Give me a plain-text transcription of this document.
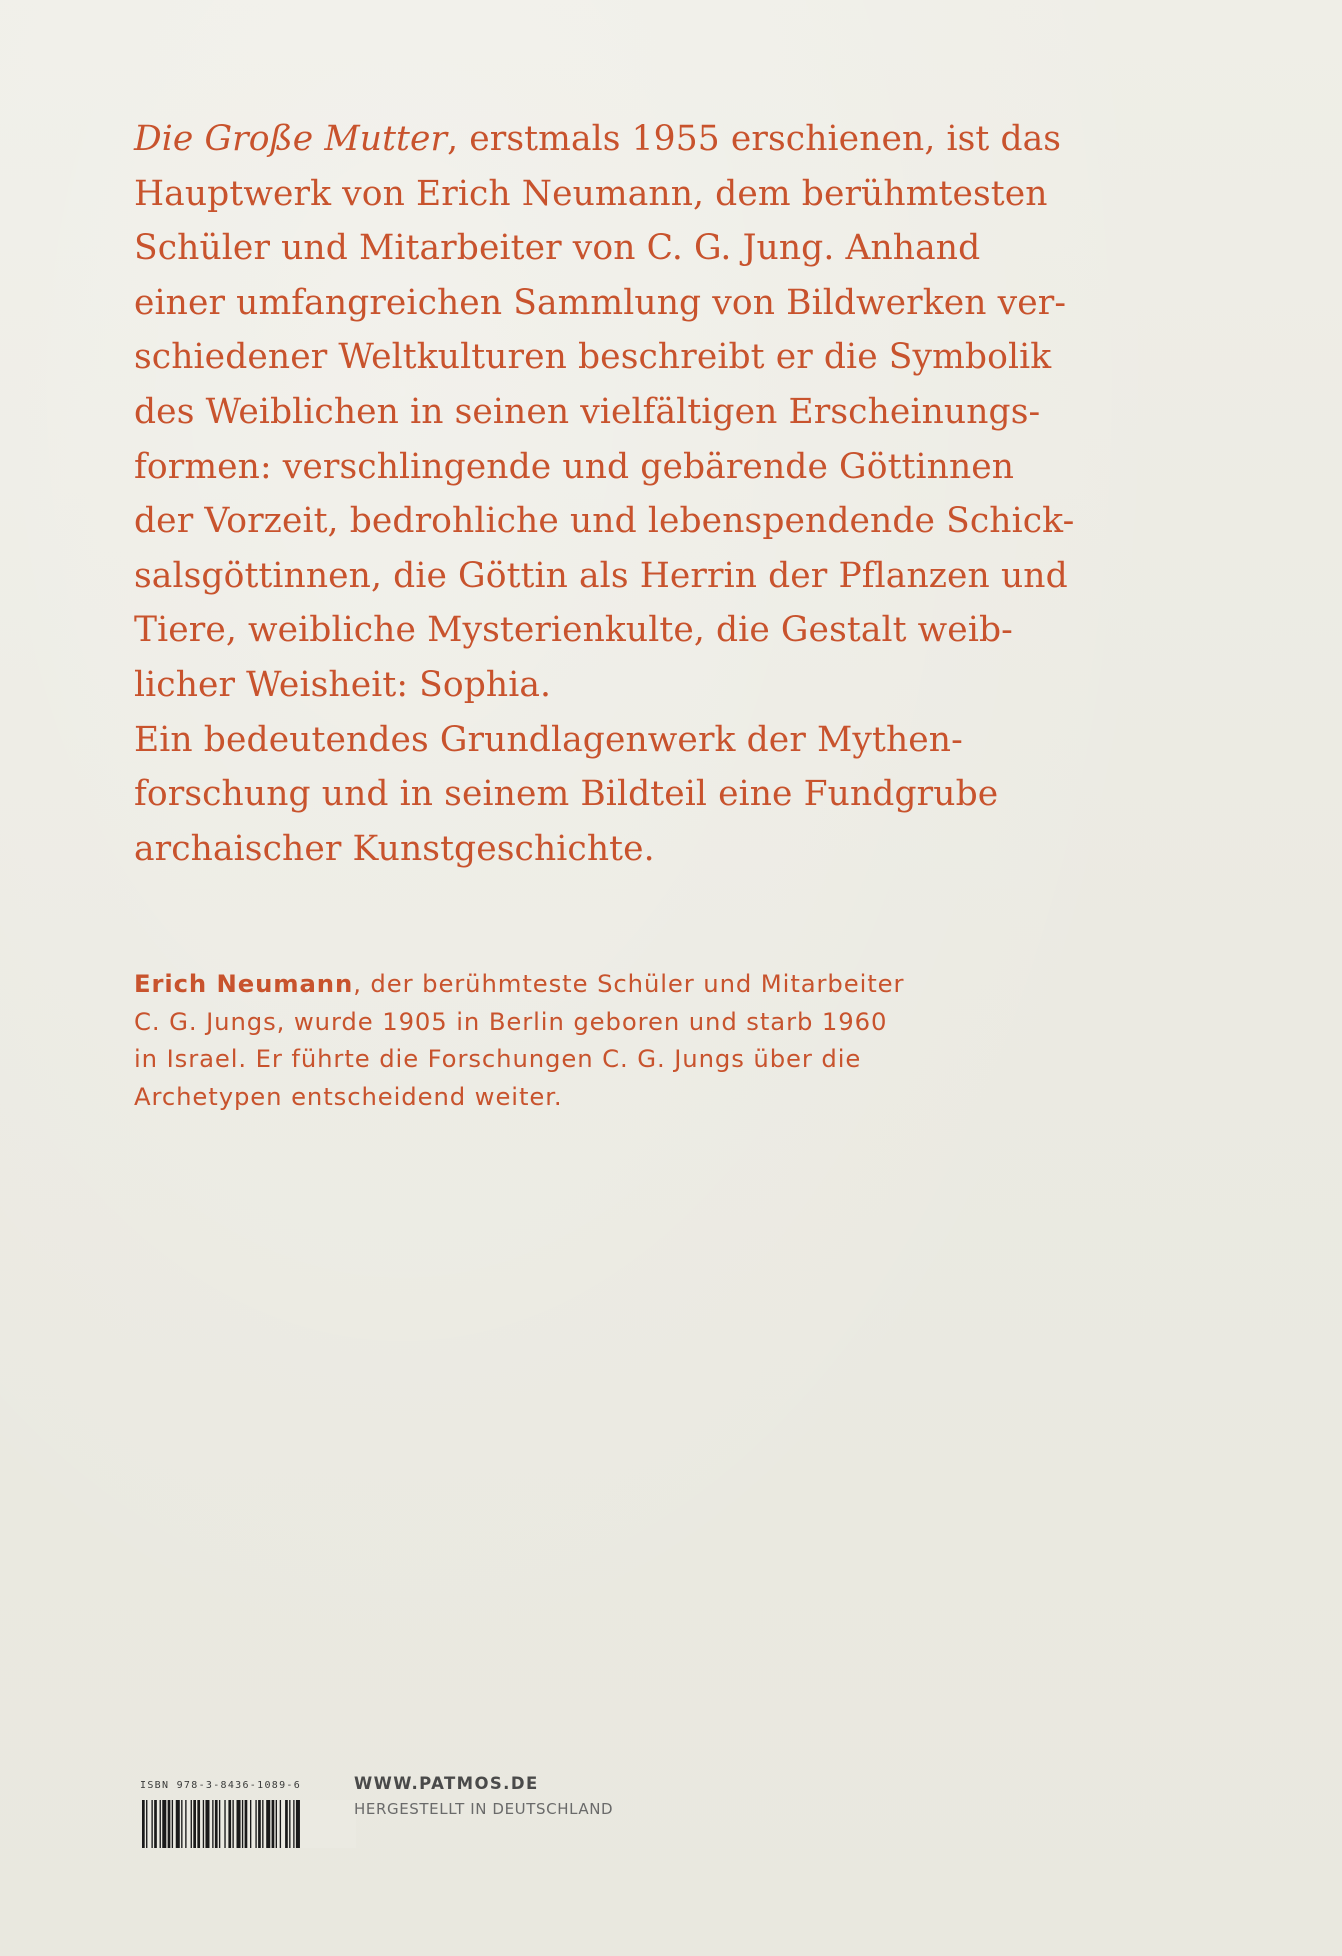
Die Große Mutter, erstmals 1955 erschienen, ist das
Hauptwerk von Erich Neumann, dem berühmtesten
Schüler und Mitarbeiter von C. G. Jung. Anhand
einer umfangreichen Sammlung von Bildwerken ver-
schiedener Weltkulturen beschreibt er die Symbolik
des Weiblichen in seinen vielfältigen Erscheinungs-
formen: verschlingende und gebärende Göttinnen
der Vorzeit, bedrohliche und lebenspendende Schick-
salsgöttinnen, die Göttin als Herrin der Pflanzen und
Tiere, weibliche Mysterienkulte, die Gestalt weib-
licher Weisheit: Sophia.
Ein bedeutendes Grundlagenwerk der Mythen-
forschung und in seinem Bildteil eine Fundgrube
archaischer Kunstgeschichte.
Erich Neumann, der berühmteste Schüler und Mitarbeiter
C. G. Jungs, wurde 1905 in Berlin geboren und starb 1960
in Israel. Er führte die Forschungen C. G. Jungs über die
Archetypen entscheidend weiter.
ISBN 978-3-8436-1089-6	WWW.PATMOS.DE
HERGESTELLT IN DEUTSCHLAND
